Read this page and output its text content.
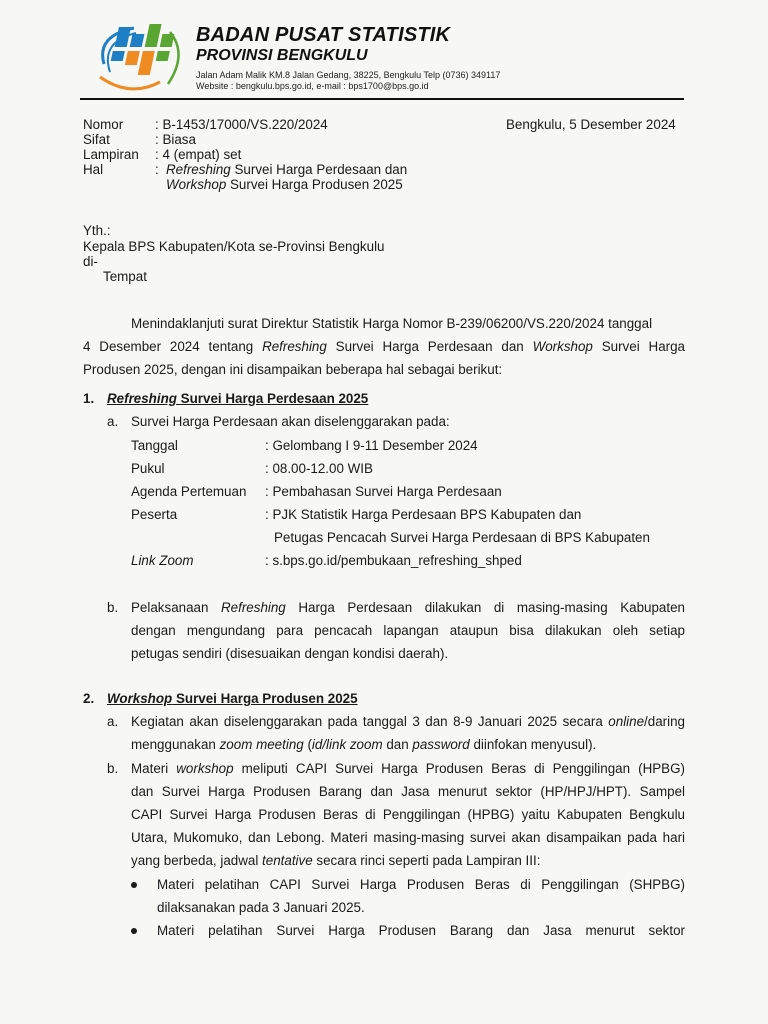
BADAN PUSAT STATISTIK
PROVINSI BENGKULU
Jalan Adam Malik KM.8 Jalan Gedang, 38225, Bengkulu Telp (0736) 349117
Website : bengkulu.bps.go.id, e-mail : bps1700@bps.go.id
Nomor : B-1453/17000/VS.220/2024	Bengkulu, 5 Desember 2024
Sifat	: Biasa
Lampiran : 4 (empat) set
Hal	: Refreshing Survei Harga Perdesaan dan
Workshop Survei Harga Produsen 2025
Yth.:
Kepala BPS Kabupaten/Kota se-Provinsi Bengkulu
di-
Tempat
Menindaklanjuti surat Direktur Statistik Harga Nomor B-239/06200/VS.220/2024 tanggal
4 Desember 2024 tentang Refreshing Survei Harga Perdesaan dan Workshop Survei Harga
Produsen 2025, dengan ini disampaikan beberapa hal sebagai berikut:
1. Refreshing Survei Harga Perdesaan 2025
a. Survei Harga Perdesaan akan diselenggarakan pada:
Tanggal	: Gelombang I 9-11 Desember 2024
Pukul	: 08.00-12.00 WIB
Agenda Pertemuan : Pembahasan Survei Harga Perdesaan
Peserta	: PJK Statistik Harga Perdesaan BPS Kabupaten dan
Petugas Pencacah Survei Harga Perdesaan di BPS Kabupaten
Link Zoom	: s.bps.go.id/pembukaan_refreshing_shped
b. Pelaksanaan Refreshing Harga Perdesaan dilakukan di masing-masing Kabupaten
dengan mengundang para pencacah lapangan ataupun bisa dilakukan oleh setiap
petugas sendiri (disesuaikan dengan kondisi daerah).
2. Workshop Survei Harga Produsen 2025
a. Kegiatan akan diselenggarakan pada tanggal 3 dan 8-9 Januari 2025 secara online/daring
menggunakan zoom meeting (id/link zoom dan password diinfokan menyusul).
b. Materi workshop meliputi CAPI Survei Harga Produsen Beras di Penggilingan (HPBG)
dan Survei Harga Produsen Barang dan Jasa menurut sektor (HP/HPJ/HPT). Sampel
CAPI Survei Harga Produsen Beras di Penggilingan (HPBG) yaitu Kabupaten Bengkulu
Utara, Mukomuko, dan Lebong. Materi masing-masing survei akan disampaikan pada hari
yang berbeda, jadwal tentative secara rinci seperti pada Lampiran III:
Materi pelatihan CAPI Survei Harga Produsen Beras di Penggilingan (SHPBG)
dilaksanakan pada 3 Januari 2025.
Materi pelatihan Survei Harga Produsen Barang dan Jasa menurut sektor
